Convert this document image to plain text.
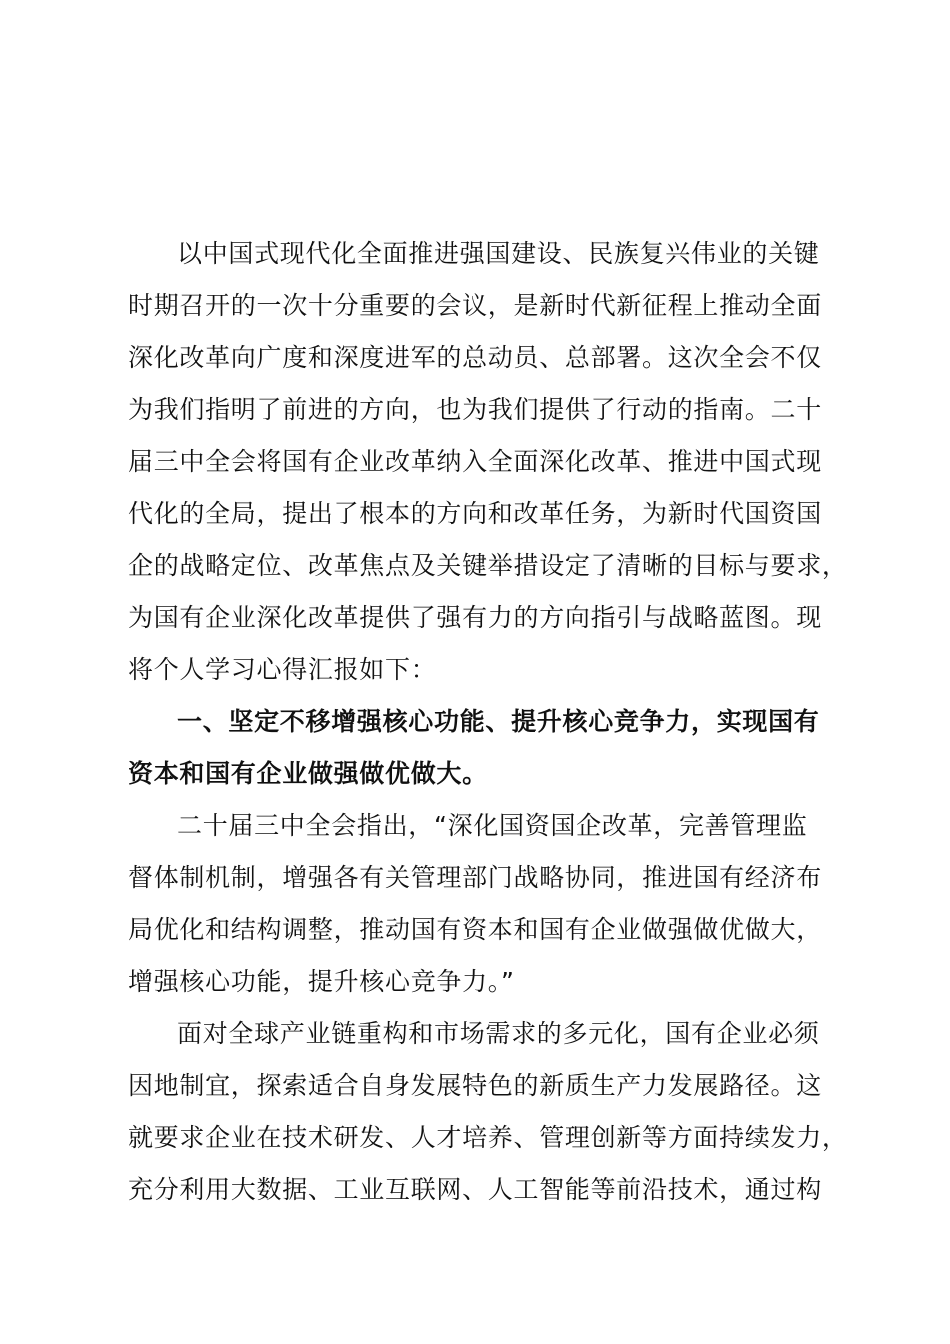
以中国式现代化全面推进强国建设、民族复兴伟业的关键
时期召开的一次十分重要的会议，是新时代新征程上推动全面
深化改革向广度和深度进军的总动员、总部署。这次全会不仅
为我们指明了前进的方向，也为我们提供了行动的指南。二十
届三中全会将国有企业改革纳入全面深化改革、推进中国式现
代化的全局，提出了根本的方向和改革任务，为新时代国资国
企的战略定位、改革焦点及关键举措设定了清晰的目标与要求，
为国有企业深化改革提供了强有力的方向指引与战略蓝图。现
将个人学习心得汇报如下：
一、坚定不移增强核心功能、提升核心竞争力，实现国有
资本和国有企业做强做优做大。
二十届三中全会指出，“深化国资国企改革，完善管理监
督体制机制，增强各有关管理部门战略协同，推进国有经济布
局优化和结构调整，推动国有资本和国有企业做强做优做大，
增强核心功能，提升核心竞争力。”
面对全球产业链重构和市场需求的多元化，国有企业必须
因地制宜，探索适合自身发展特色的新质生产力发展路径。这
就要求企业在技术研发、人才培养、管理创新等方面持续发力，
充分利用大数据、工业互联网、人工智能等前沿技术，通过构
